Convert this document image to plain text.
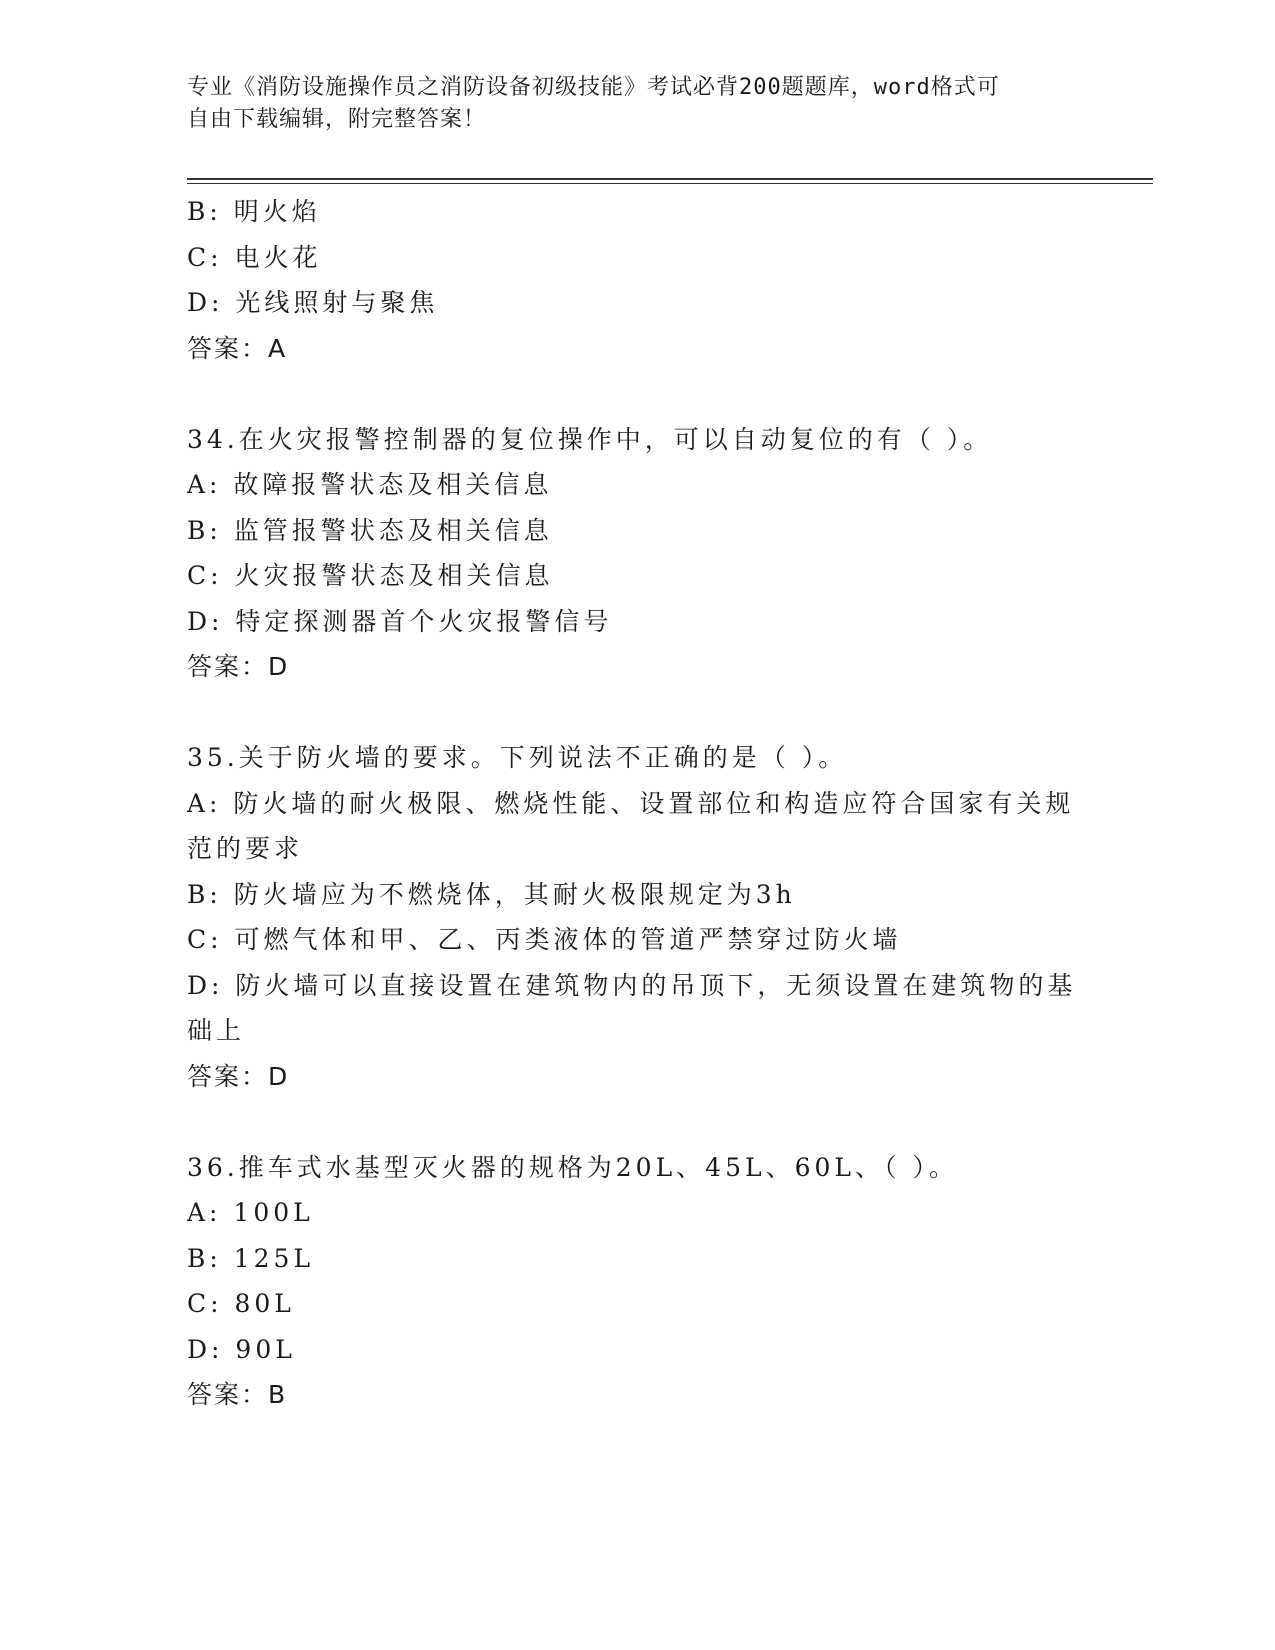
专业《消防设施操作员之消防设备初级技能》考试必背200题题库，word格式可
自由下载编辑，附完整答案！

B: 明火焰

C: 电火花

D: 光线照射与聚焦

答案：A

34.在火灾报警控制器的复位操作中，可以自动复位的有（ ）。

A: 故障报警状态及相关信息

B: 监管报警状态及相关信息

C: 火灾报警状态及相关信息

D: 特定探测器首个火灾报警信号

答案：D

35.关于防火墙的要求。下列说法不正确的是（ ）。

A: 防火墙的耐火极限、燃烧性能、设置部位和构造应符合国家有关规

范的要求

B: 防火墙应为不燃烧体，其耐火极限规定为3h

C: 可燃气体和甲、乙、丙类液体的管道严禁穿过防火墙

D: 防火墙可以直接设置在建筑物内的吊顶下，无须设置在建筑物的基

础上

答案：D

36.推车式水基型灭火器的规格为20L、45L、60L、（ ）。

A: 100L

B: 125L

C: 80L

D: 90L

答案：B
